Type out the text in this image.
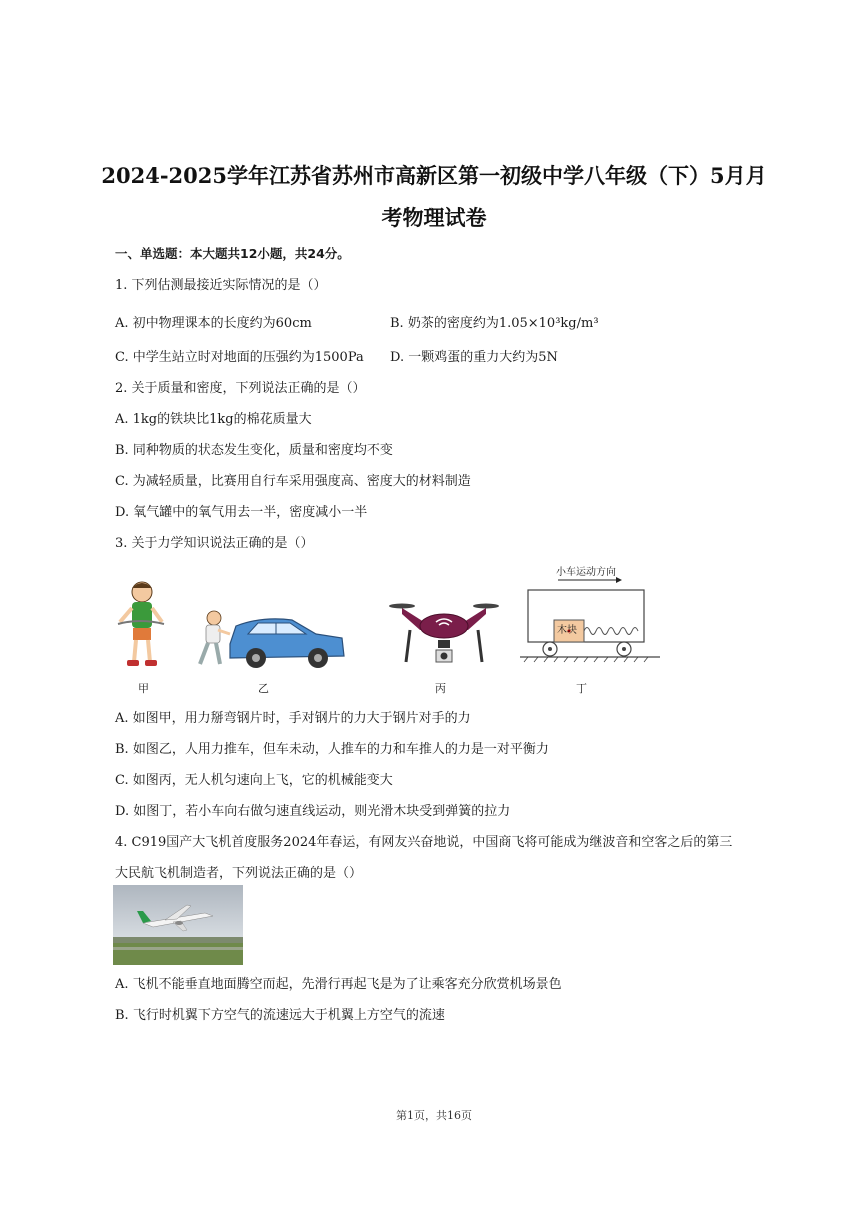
2024-2025学年江苏省苏州市高新区第一初级中学八年级（下）5月月
考物理试卷
一、单选题：本大题共12小题，共24分。
1. 下列估测最接近实际情况的是（）
A. 初中物理课本的长度约为60cm	B. 奶茶的密度约为1.05×10³kg/m³
C. 中学生站立时对地面的压强约为1500Pa D. 一颗鸡蛋的重力大约为5N
2. 关于质量和密度，下列说法正确的是（）
A. 1kg的铁块比1kg的棉花质量大
B. 同种物质的状态发生变化，质量和密度均不变
C. 为减轻质量，比赛用自行车采用强度高、密度大的材料制造
D. 氧气罐中的氧气用去一半，密度减小一半
3. 关于力学知识说法正确的是（）
甲	乙	丙
小车运动方向
木块
丁
A. 如图甲，用力掰弯钢片时，手对钢片的力大于钢片对手的力
B. 如图乙，人用力推车，但车未动，人推车的力和车推人的力是一对平衡力
C. 如图丙，无人机匀速向上飞，它的机械能变大
D. 如图丁，若小车向右做匀速直线运动，则光滑木块受到弹簧的拉力
4. C919国产大飞机首度服务2024年春运，有网友兴奋地说，中国商飞将可能成为继波音和空客之后的第三
大民航飞机制造者，下列说法正确的是（）
A. 飞机不能垂直地面腾空而起，先滑行再起飞是为了让乘客充分欣赏机场景色
B. 飞行时机翼下方空气的流速远大于机翼上方空气的流速
第1页，共16页
